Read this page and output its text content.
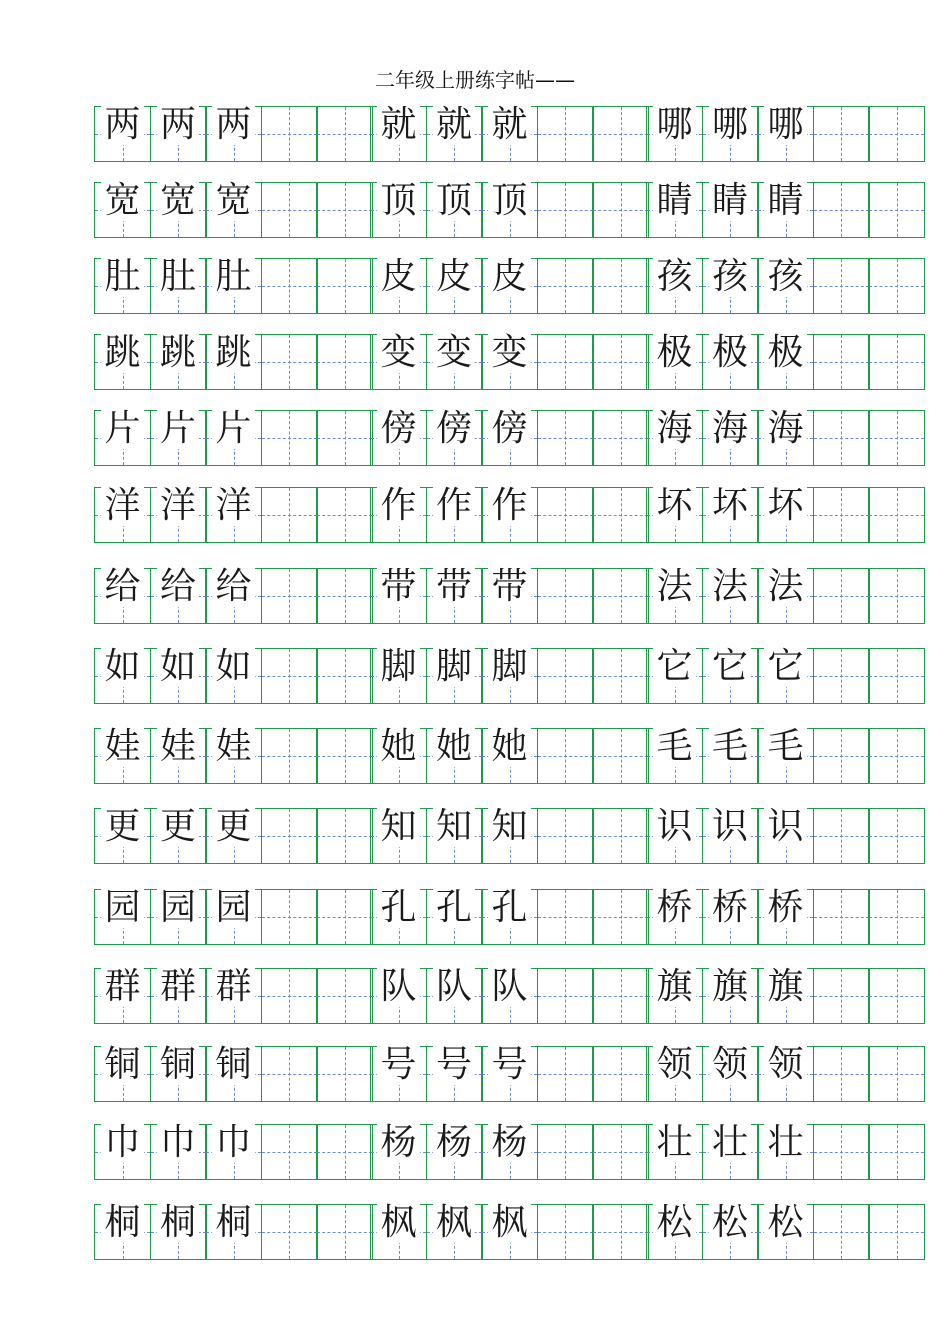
二年级上册练字帖——
两 两 两	就 就 就	哪 哪 哪
宽 宽 宽	顶 顶 顶	睛 睛 睛
肚 肚 肚	皮 皮 皮	孩 孩 孩
跳 跳 跳	变 变 变	极 极 极
片 片 片	傍 傍 傍	海 海 海
洋 洋 洋	作 作 作	坏 坏 坏
给 给 给	带 带 带	法 法 法
如 如 如	脚 脚 脚	它 它 它
娃 娃 娃	她 她 她	毛 毛 毛
更 更 更	知 知 知	识 识 识
园 园 园	孔 孔 孔	桥 桥 桥
群 群 群	队 队 队	旗 旗 旗
铜 铜 铜	号 号 号	领 领 领
巾 巾 巾	杨 杨 杨	壮 壮 壮
桐 桐 桐	枫 枫 枫	松 松 松
